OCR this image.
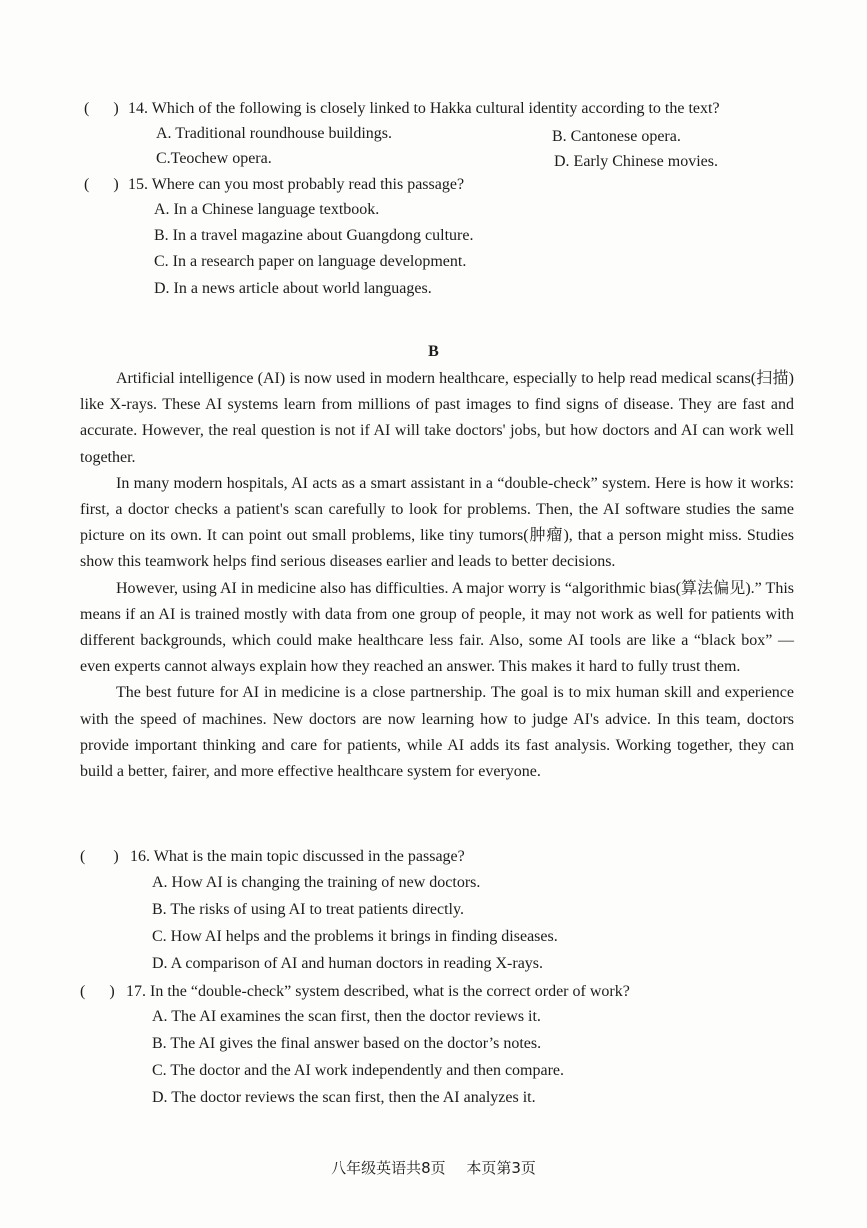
(      ) 14. Which of the following is closely linked to Hakka cultural identity according to the text?
A. Traditional roundhouse buildings.	B. Cantonese opera.
C.Teochew opera.	D. Early Chinese movies.
(      ) 15. Where can you most probably read this passage?
A. In a Chinese language textbook.
B. In a travel magazine about Guangdong culture.
C. In a research paper on language development.
D. In a news article about world languages.
B

Artificial intelligence (AI) is now used in modern healthcare, especially to help read medical scans(扫描) like X-rays. These AI systems learn from millions of past images to find signs of disease. They are fast and accurate. However, the real question is not if AI will take doctors' jobs, but how doctors and AI can work well together.

In many modern hospitals, AI acts as a smart assistant in a “double-check” system. Here is how it works: first, a doctor checks a patient's scan carefully to look for problems. Then, the AI software studies the same picture on its own. It can point out small problems, like tiny tumors(肿瘤), that a person might miss. Studies show this teamwork helps find serious diseases earlier and leads to better decisions.

However, using AI in medicine also has difficulties. A major worry is “algorithmic bias(算法偏见).” This means if an AI is trained mostly with data from one group of people, it may not work as well for patients with different backgrounds, which could make healthcare less fair. Also, some AI tools are like a “black box” — even experts cannot always explain how they reached an answer. This makes it hard to fully trust them.

The best future for AI in medicine is a close partnership. The goal is to mix human skill and experience with the speed of machines. New doctors are now learning how to judge AI's advice. In this team, doctors provide important thinking and care for patients, while AI adds its fast analysis. Working together, they can build a better, fairer, and more effective healthcare system for everyone.

(       ) 16. What is the main topic discussed in the passage?
A. How AI is changing the training of new doctors.
B. The risks of using AI to treat patients directly.
C. How AI helps and the problems it brings in finding diseases.
D. A comparison of AI and human doctors in reading X-rays.
(      ) 17. In the “double-check” system described, what is the correct order of work?
A. The AI examines the scan first, then the doctor reviews it.
B. The AI gives the final answer based on the doctor’s notes.
C. The doctor and the AI work independently and then compare.
D. The doctor reviews the scan first, then the AI analyzes it.
八年级英语共8页 本页第3页
